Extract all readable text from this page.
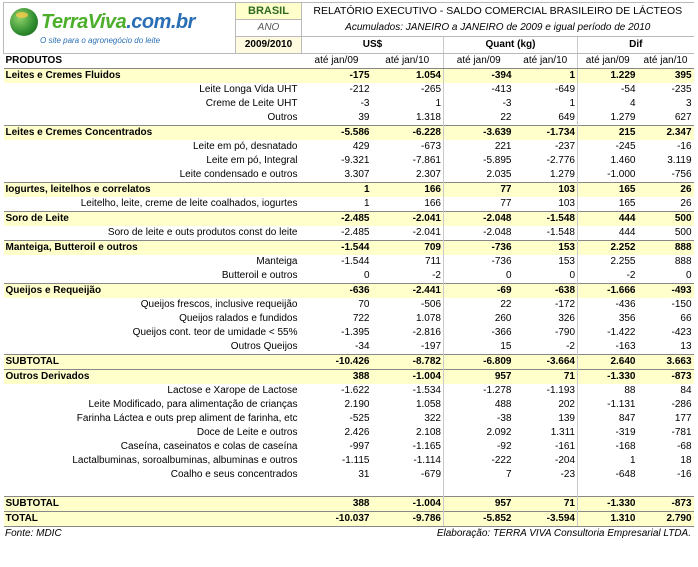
TerraViva.com.br
O site para o agronegócio do leite	BRASIL	RELATÓRIO EXECUTIVO - SALDO COMERCIAL BRASILEIRO DE LÁCTEOS					
	ANO	Acumulados: JANEIRO a JANEIRO de 2009 e igual período de 2010					
	2009/2010	US$		Quant (kg)		Dif	
PRODUTOS		até jan/09	até jan/10	até jan/09	até jan/10	até jan/09	até jan/10
Leites e Cremes Fluidos		-175	1.054	-394	1	1.229	395
Leite Longa Vida UHT		-212	-265	-413	-649	-54	-235
Creme de Leite UHT		-3	1	-3	1	4	3
Outros		39	1.318	22	649	1.279	627
Leites e Cremes Concentrados		-5.586	-6.228	-3.639	-1.734	215	2.347
Leite em pó, desnatado		429	-673	221	-237	-245	-16
Leite em pó, Integral		-9.321	-7.861	-5.895	-2.776	1.460	3.119
Leite condensado e outros		3.307	2.307	2.035	1.279	-1.000	-756
Iogurtes, leitelhos e correlatos		1	166	77	103	165	26
Leitelho, leite, creme de leite coalhados, iogurtes		1	166	77	103	165	26
Soro de Leite		-2.485	-2.041	-2.048	-1.548	444	500
Soro de leite e outs produtos const do leite		-2.485	-2.041	-2.048	-1.548	444	500
Manteiga, Butteroil e outros		-1.544	709	-736	153	2.252	888
Manteiga		-1.544	711	-736	153	2.255	888
Butteroil e outros		0	-2	0	0	-2	0
Queijos e Requeijão		-636	-2.441	-69	-638	-1.666	-493
Queijos frescos, inclusive requeijão		70	-506	22	-172	-436	-150
Queijos ralados e fundidos		722	1.078	260	326	356	66
Queijos cont. teor de umidade < 55%		-1.395	-2.816	-366	-790	-1.422	-423
Outros Queijos		-34	-197	15	-2	-163	13
SUBTOTAL		-10.426	-8.782	-6.809	-3.664	2.640	3.663
Outros Derivados		388	-1.004	957	71	-1.330	-873
Lactose e Xarope de Lactose		-1.622	-1.534	-1.278	-1.193	88	84
Leite Modificado, para alimentação de crianças		2.190	1.058	488	202	-1.131	-286
Farinha Láctea e outs prep aliment de farinha, etc		-525	322	-38	139	847	177
Doce de Leite e outros		2.426	2.108	2.092	1.311	-319	-781
Caseína, caseinatos e colas de caseína		-997	-1.165	-92	-161	-168	-68
Lactalbuminas, soroalbuminas, albuminas e outros		-1.115	-1.114	-222	-204	1	18
Coalho e seus concentrados		31	-679	7	-23	-648	-16

SUBTOTAL		388	-1.004	957	71	-1.330	-873
TOTAL		-10.037	-9.786	-5.852	-3.594	1.310	2.790
Fonte: MDIC	Elaboração: TERRA VIVA Consultoria Empresarial LTDA.
